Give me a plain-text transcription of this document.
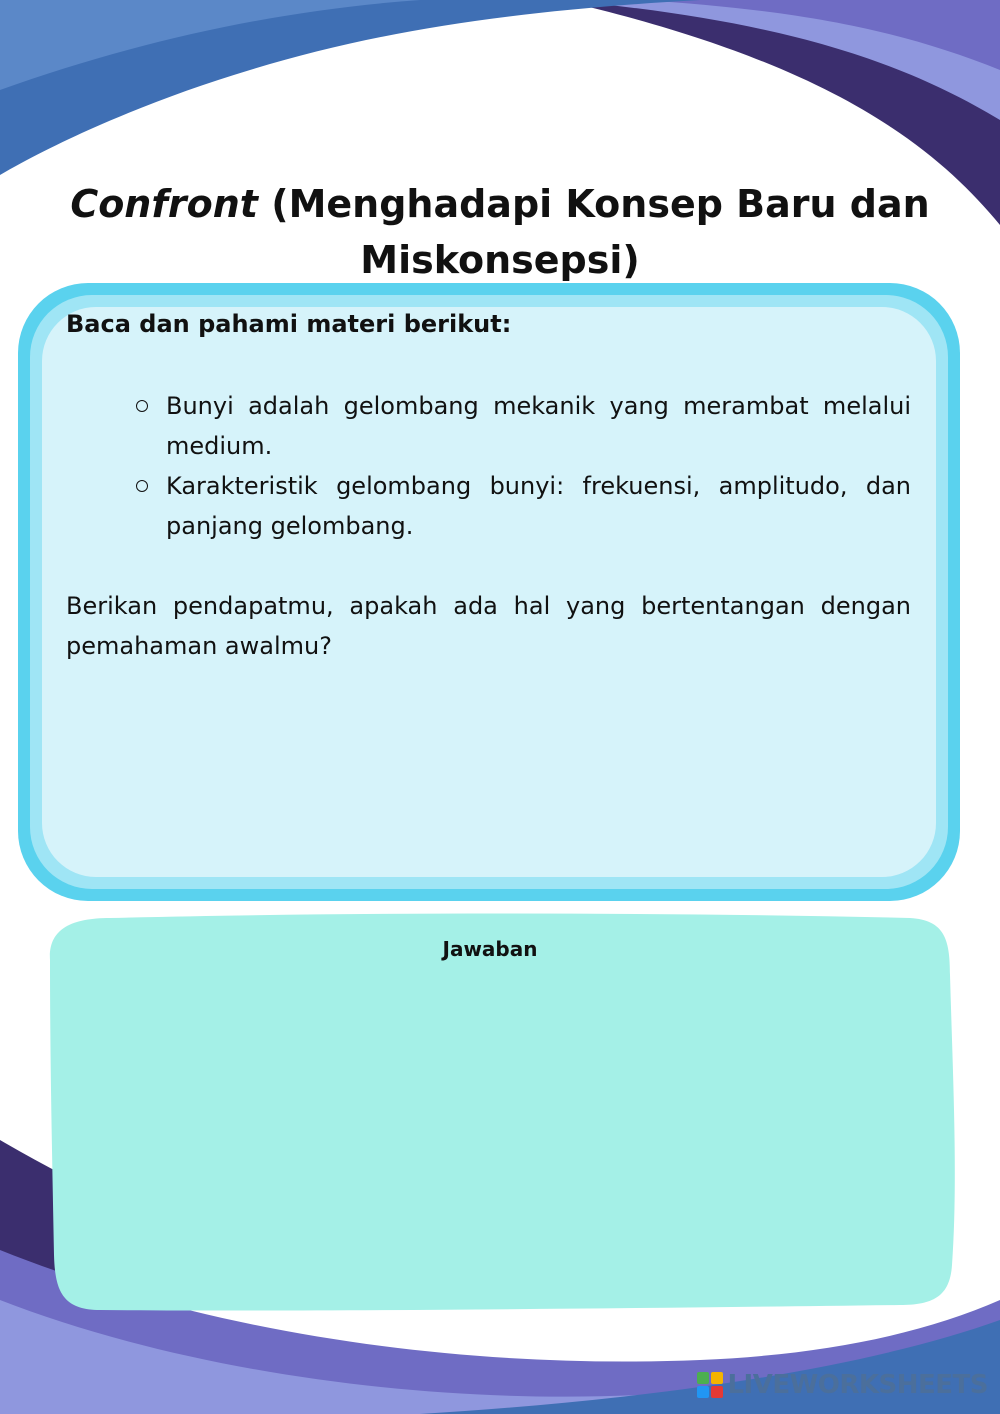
Confront (Menghadapi Konsep Baru dan Miskonsepsi)

Baca dan pahami materi berikut:

Bunyi adalah gelombang mekanik yang merambat melalui medium.
Karakteristik gelombang bunyi: frekuensi, amplitudo, dan panjang gelombang.

Berikan pendapatmu, apakah ada hal yang bertentangan dengan pemahaman awalmu?

Jawaban
LIVEWORKSHEETS
